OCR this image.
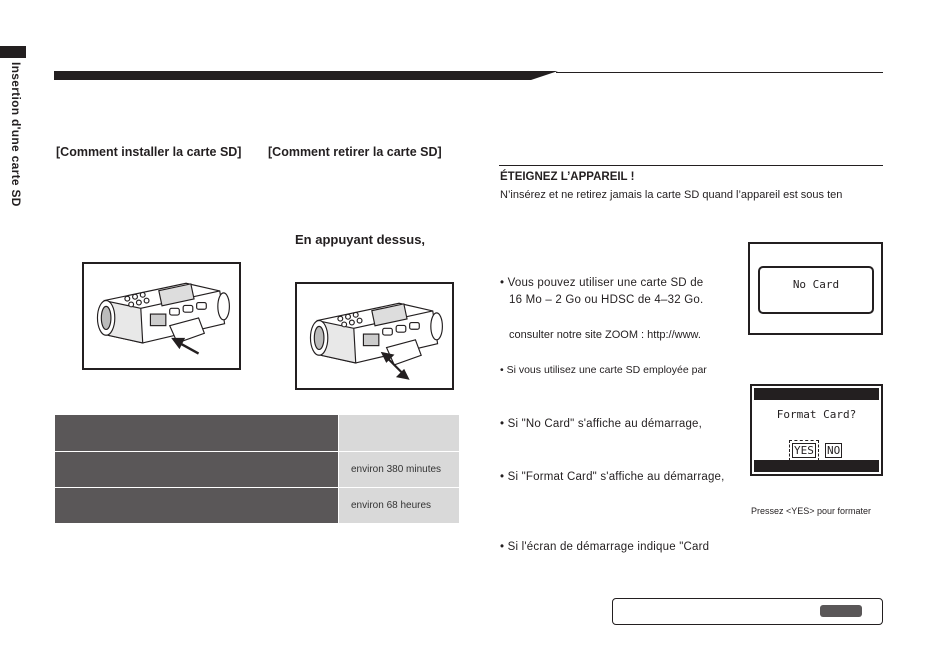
Insertion d'une carte SD	[Comment installer la carte SD] [Comment retirer la carte SD]
En appuyant dessus,
environ 380 minutes
environ 68 heures
ÉTEIGNEZ L’APPAREIL !
N’insérez et ne retirez jamais la carte SD quand l’appareil est sous ten
• Vous pouvez utiliser une carte SD de
16 Mo – 2 Go ou HDSC de 4–32 Go.
consulter notre site ZOOM : http://www.
• Si vous utilisez une carte SD employée par
• Si "No Card" s'affiche au démarrage,
• Si "Format Card" s'affiche au démarrage,
• Si l'écran de démarrage indique "Card
No Card
Format Card?
YES NO
Pressez <YES> pour formater
